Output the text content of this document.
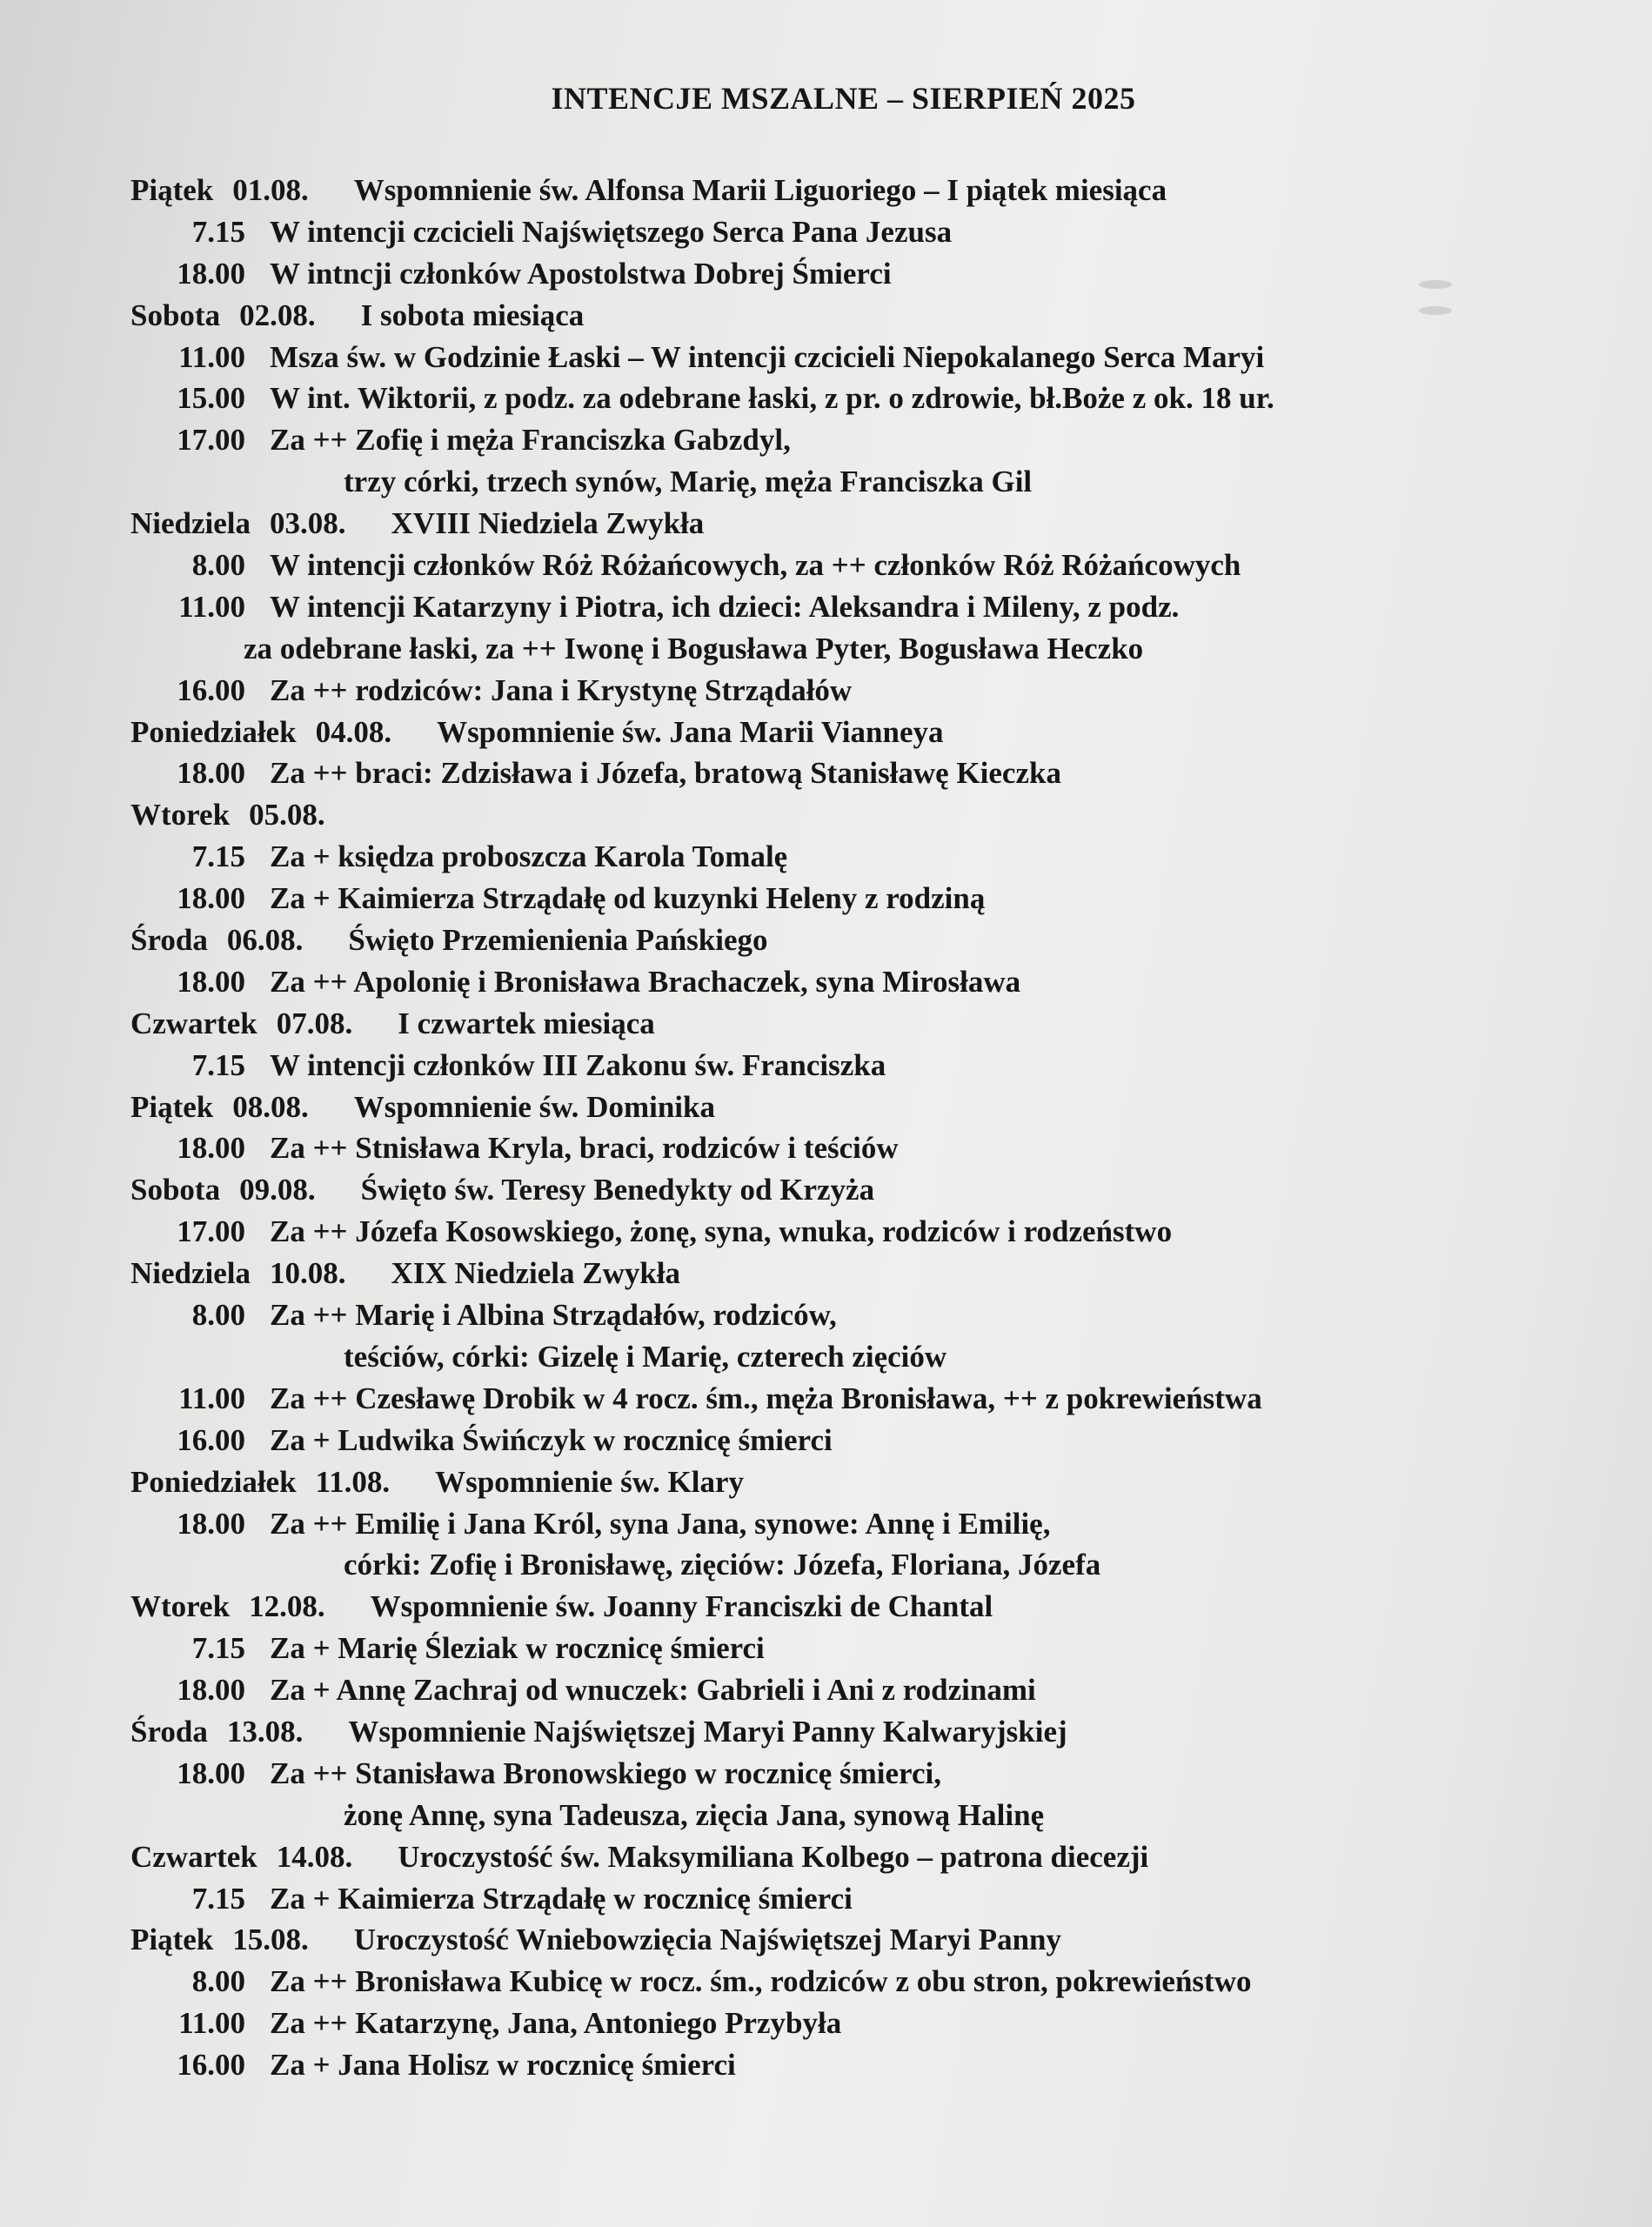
INTENCJE MSZALNE – SIERPIEŃ 2025
Piątek 01.08. Wspomnienie św. Alfonsa Marii Liguoriego – I piątek miesiąca
7.15 W intencji czcicieli Najświętszego Serca Pana Jezusa
18.00 W intncji członków Apostolstwa Dobrej Śmierci
Sobota 02.08. I sobota miesiąca
11.00 Msza św. w Godzinie Łaski – W intencji czcicieli Niepokalanego Serca Maryi
15.00 W int. Wiktorii, z podz. za odebrane łaski, z pr. o zdrowie, bł.Boże z ok. 18 ur.
17.00 Za ++ Zofię i męża Franciszka Gabzdyl,
trzy córki, trzech synów, Marię, męża Franciszka Gil
Niedziela 03.08. XVIII Niedziela Zwykła
8.00 W intencji członków Róż Różańcowych, za ++ członków Róż Różańcowych
11.00 W intencji Katarzyny i Piotra, ich dzieci: Aleksandra i Mileny, z podz.
za odebrane łaski, za ++ Iwonę i Bogusława Pyter, Bogusława Heczko
16.00 Za ++ rodziców: Jana i Krystynę Strządałów
Poniedziałek 04.08. Wspomnienie św. Jana Marii Vianneya
18.00 Za ++ braci: Zdzisława i Józefa, bratową Stanisławę Kieczka
Wtorek 05.08.
7.15 Za + księdza proboszcza Karola Tomalę
18.00 Za + Kaimierza Strządałę od kuzynki Heleny z rodziną
Środa 06.08. Święto Przemienienia Pańskiego
18.00 Za ++ Apolonię i Bronisława Brachaczek, syna Mirosława
Czwartek 07.08. I czwartek miesiąca
7.15 W intencji członków III Zakonu św. Franciszka
Piątek 08.08. Wspomnienie św. Dominika
18.00 Za ++ Stnisława Kryla, braci, rodziców i teściów
Sobota 09.08. Święto św. Teresy Benedykty od Krzyża
17.00 Za ++ Józefa Kosowskiego, żonę, syna, wnuka, rodziców i rodzeństwo
Niedziela 10.08. XIX Niedziela Zwykła
8.00 Za ++ Marię i Albina Strządałów, rodziców,
teściów, córki: Gizelę i Marię, czterech zięciów
11.00 Za ++ Czesławę Drobik w 4 rocz. śm., męża Bronisława, ++ z pokrewieństwa
16.00 Za + Ludwika Świńczyk w rocznicę śmierci
Poniedziałek 11.08. Wspomnienie św. Klary
18.00 Za ++ Emilię i Jana Król, syna Jana, synowe: Annę i Emilię,
córki: Zofię i Bronisławę, zięciów: Józefa, Floriana, Józefa
Wtorek 12.08. Wspomnienie św. Joanny Franciszki de Chantal
7.15 Za + Marię Śleziak w rocznicę śmierci
18.00 Za + Annę Zachraj od wnuczek: Gabrieli i Ani z rodzinami
Środa 13.08. Wspomnienie Najświętszej Maryi Panny Kalwaryjskiej
18.00 Za ++ Stanisława Bronowskiego w rocznicę śmierci,
żonę Annę, syna Tadeusza, zięcia Jana, synową Halinę
Czwartek 14.08. Uroczystość św. Maksymiliana Kolbego – patrona diecezji
7.15 Za + Kaimierza Strządałę w rocznicę śmierci
Piątek 15.08. Uroczystość Wniebowzięcia Najświętszej Maryi Panny
8.00 Za ++ Bronisława Kubicę w rocz. śm., rodziców z obu stron, pokrewieństwo
11.00 Za ++ Katarzynę, Jana, Antoniego Przybyła
16.00 Za + Jana Holisz w rocznicę śmierci
